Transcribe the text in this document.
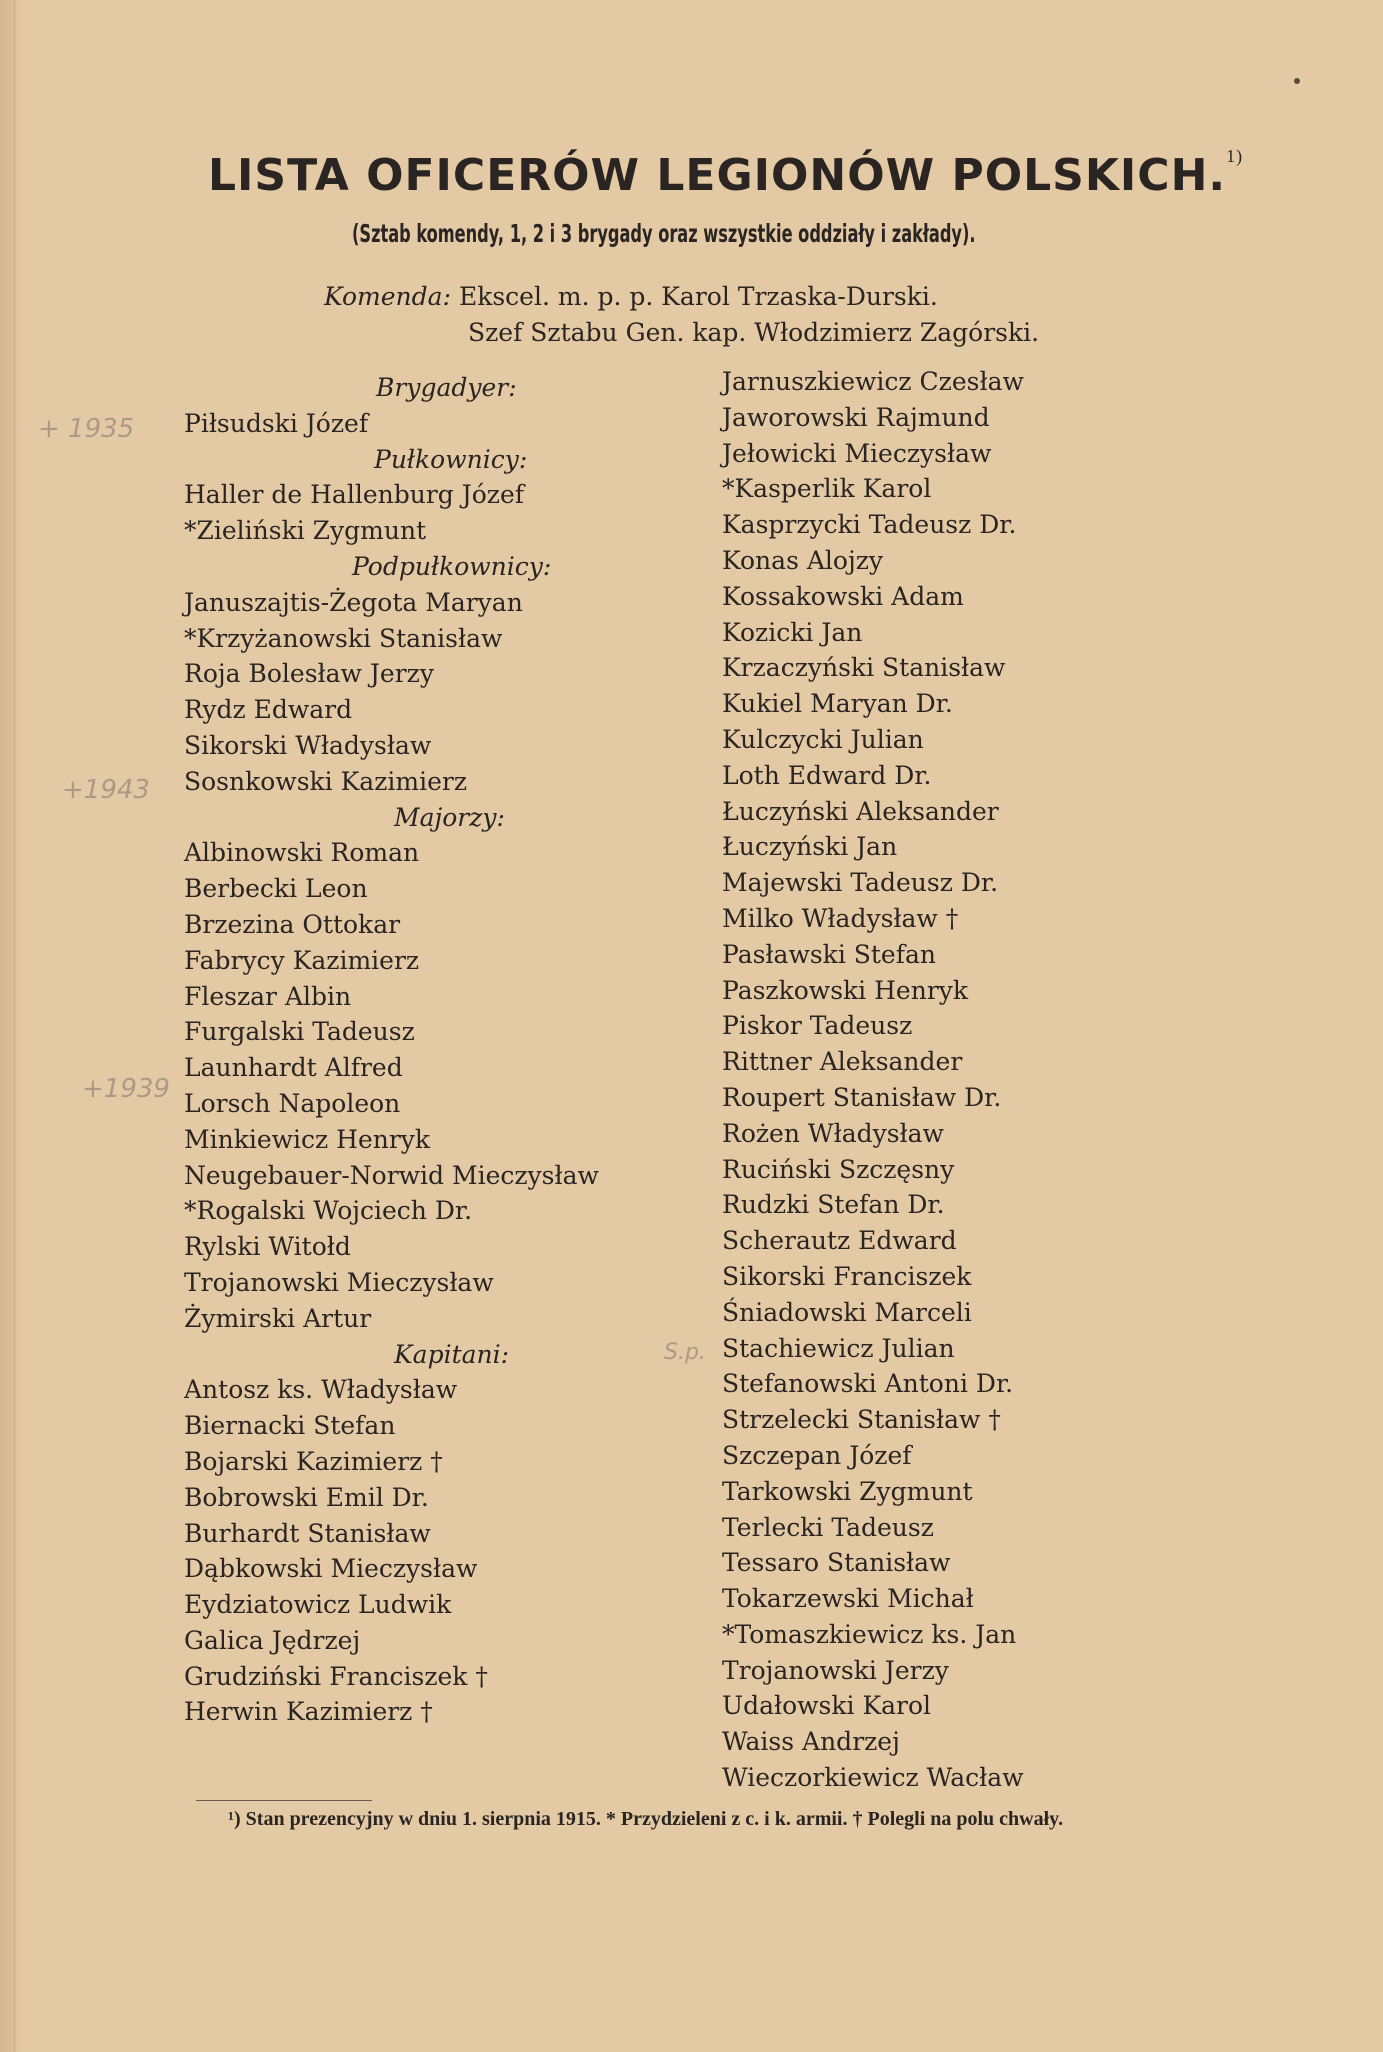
LISTA OFICERÓW LEGIONÓW POLSKICH.$^{1)}$
(Sztab komendy, 1, 2 i 3 brygady oraz wszystkie oddziały i zakłady).
Komenda: Ekscel. m. p. p. Karol Trzaska-Durski.
Szef Sztabu Gen. kap. Włodzimierz Zagórski.
Brygadyer:
Piłsudski Józef
Pułkownicy:
Haller de Hallenburg Józef
*Zieliński Zygmunt
Podpułkownicy:
Januszajtis-Żegota Maryan
*Krzyżanowski Stanisław
Roja Bolesław Jerzy
Rydz Edward
Sikorski Władysław
Sosnkowski Kazimierz
Majorzy:
Albinowski Roman
Berbecki Leon
Brzezina Ottokar
Fabrycy Kazimierz
Fleszar Albin
Furgalski Tadeusz
Launhardt Alfred
Lorsch Napoleon
Minkiewicz Henryk
Neugebauer-Norwid Mieczysław
*Rogalski Wojciech Dr.
Rylski Witołd
Trojanowski Mieczysław
Żymirski Artur
Kapitani:
Antosz ks. Władysław
Biernacki Stefan
Bojarski Kazimierz †
Bobrowski Emil Dr.
Burhardt Stanisław
Dąbkowski Mieczysław
Eydziatowicz Ludwik
Galica Jędrzej
Grudziński Franciszek †
Herwin Kazimierz †
Jarnuszkiewicz Czesław
Jaworowski Rajmund
Jełowicki Mieczysław
*Kasperlik Karol
Kasprzycki Tadeusz Dr.
Konas Alojzy
Kossakowski Adam
Kozicki Jan
Krzaczyński Stanisław
Kukiel Maryan Dr.
Kulczycki Julian
Loth Edward Dr.
Łuczyński Aleksander
Łuczyński Jan
Majewski Tadeusz Dr.
Milko Władysław †
Pasławski Stefan
Paszkowski Henryk
Piskor Tadeusz
Rittner Aleksander
Roupert Stanisław Dr.
Rożen Władysław
Ruciński Szczęsny
Rudzki Stefan Dr.
Scherautz Edward
Sikorski Franciszek
Śniadowski Marceli
Stachiewicz Julian
Stefanowski Antoni Dr.
Strzelecki Stanisław †
Szczepan Józef
Tarkowski Zygmunt
Terlecki Tadeusz
Tessaro Stanisław
Tokarzewski Michał
*Tomaszkiewicz ks. Jan
Trojanowski Jerzy
Udałowski Karol
Waiss Andrzej
Wieczorkiewicz Wacław
¹) Stan prezencyjny w dniu 1. sierpnia 1915. * Przydzieleni z c. i k. armii. † Polegli na polu chwały.
+ 1935
+1943
+1939
S.p.
